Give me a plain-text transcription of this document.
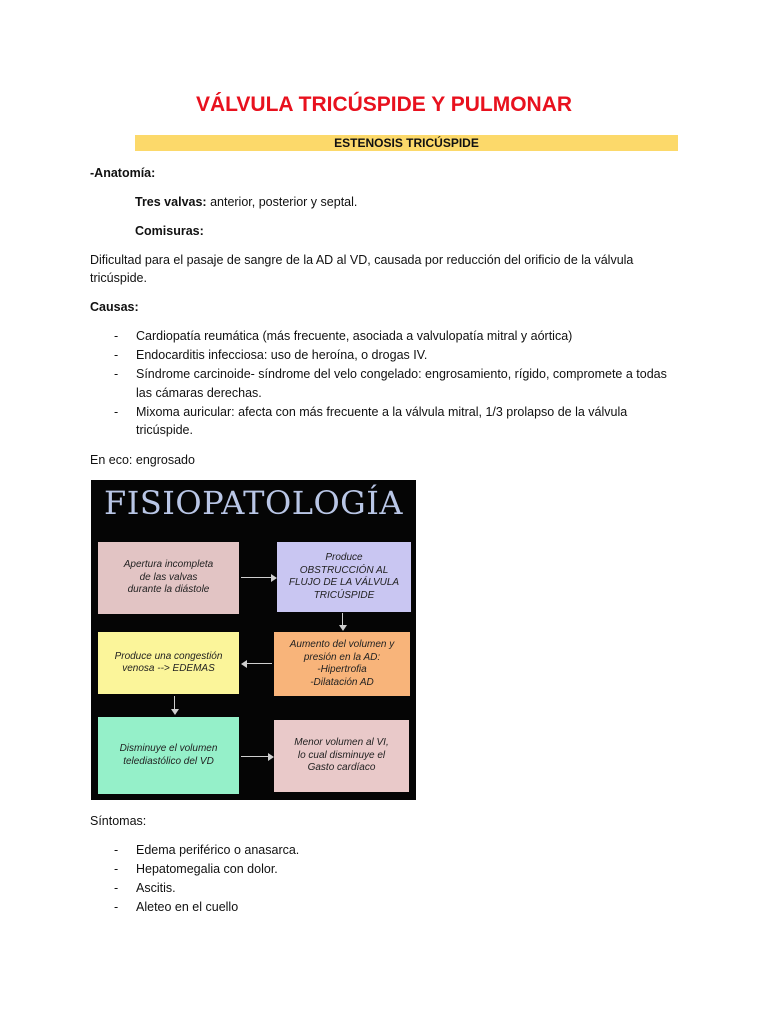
VÁLVULA TRICÚSPIDE Y PULMONAR
ESTENOSIS TRICÚSPIDE
-Anatomía:
Tres valvas: anterior, posterior y septal.
Comisuras:
Dificultad para el pasaje de sangre de la AD al VD, causada por reducción del orificio de la válvula
tricúspide.
Causas:
- Cardiopatía reumática (más frecuente, asociada a valvulopatía mitral y aórtica)
- Endocarditis infecciosa: uso de heroína, o drogas IV.
- Síndrome carcinoide- síndrome del velo congelado: engrosamiento, rígido, compromete a todas
las cámaras derechas.
- Mixoma auricular: afecta con más frecuente a la válvula mitral, 1/3 prolapso de la válvula
tricúspide.
En eco: engrosado
FISIOPATOLOGÍA
Apertura incompleta
de las valvas
durante la diástole
Produce
OBSTRUCCIÓN AL
FLUJO DE LA VÁLVULA
TRICÚSPIDE
Aumento del volumen y
presión en la AD:
-Hipertrofia
-Dilatación AD
Produce una congestión
venosa --> EDEMAS
Disminuye el volumen
telediastólico del VD
Menor volumen al VI,
lo cual disminuye el
Gasto cardíaco
Síntomas:
- Edema periférico o anasarca.
- Hepatomegalia con dolor.
- Ascitis.
- Aleteo en el cuello
